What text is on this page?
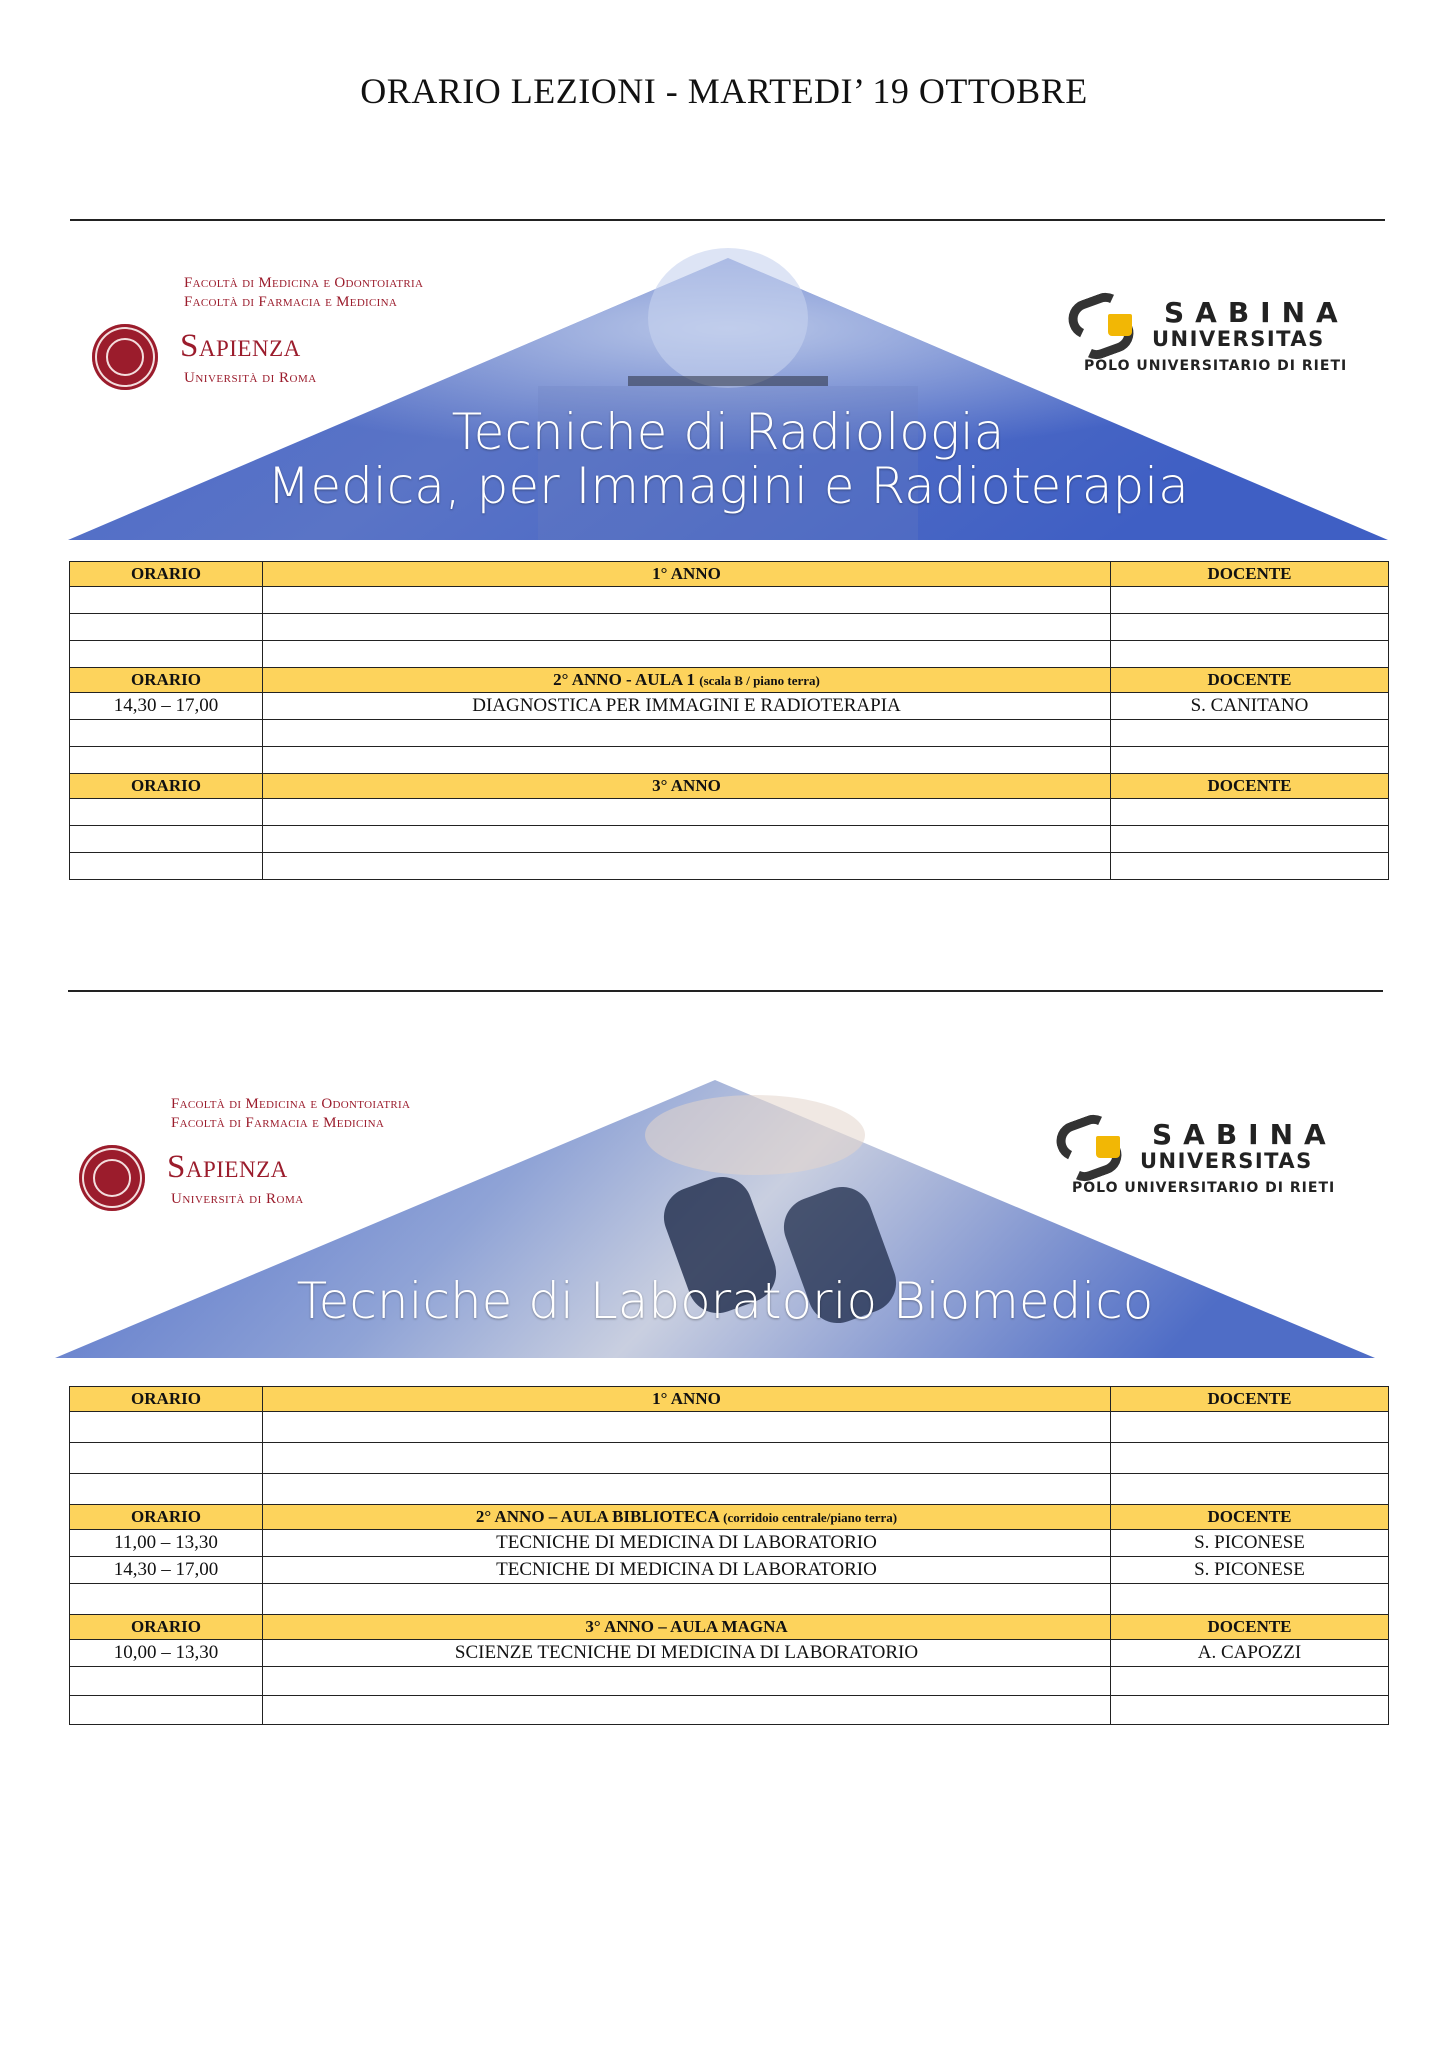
ORARIO LEZIONI - MARTEDI’ 19 OTTOBRE
Tecniche di Radiologia
Medica, per Immagini e Radioterapia
Facoltà di Medicina e Odontoiatria
Facoltà di Farmacia e Medicina
Sapienza
Università di Roma
SABINA
UNIVERSITAS
POLO UNIVERSITARIO DI RIETI
ORARIO	1° ANNO	DOCENTE

ORARIO	2° ANNO - AULA 1 (scala B / piano terra)	DOCENTE
14,30 – 17,00	DIAGNOSTICA PER IMMAGINI E RADIOTERAPIA	S. CANITANO

ORARIO	3° ANNO	DOCENTE

Tecniche di Laboratorio Biomedico
Facoltà di Medicina e Odontoiatria
Facoltà di Farmacia e Medicina
Sapienza
Università di Roma
SABINA
UNIVERSITAS
POLO UNIVERSITARIO DI RIETI
ORARIO	1° ANNO	DOCENTE

ORARIO	2° ANNO – AULA BIBLIOTECA (corridoio centrale/piano terra)	DOCENTE
11,00 – 13,30	TECNICHE DI MEDICINA DI LABORATORIO	S. PICONESE
14,30 – 17,00	TECNICHE DI MEDICINA DI LABORATORIO	S. PICONESE

ORARIO	3° ANNO – AULA MAGNA	DOCENTE
10,00 – 13,30	SCIENZE TECNICHE DI MEDICINA DI LABORATORIO	A. CAPOZZI
